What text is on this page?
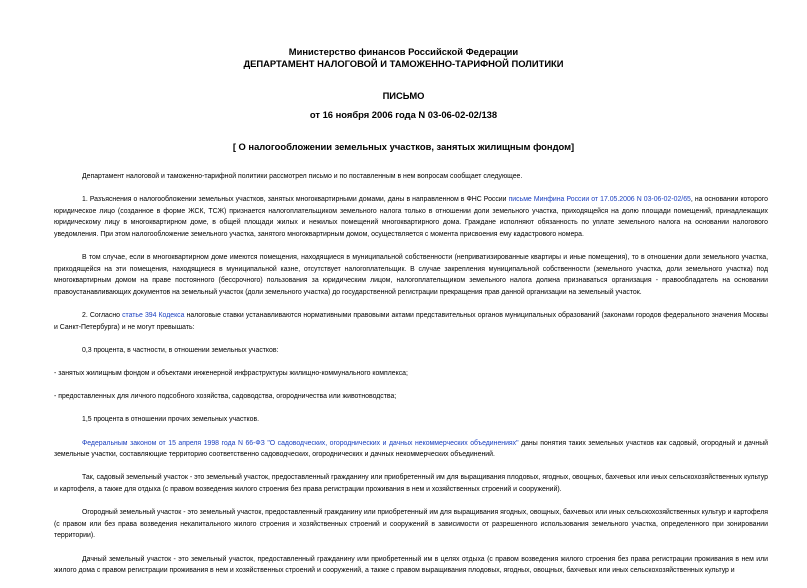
Министерство финансов Российской Федерации
ДЕПАРТАМЕНТ НАЛОГОВОЙ И ТАМОЖЕННО-ТАРИФНОЙ ПОЛИТИКИ
ПИСЬМО
от 16 ноября 2006 года N 03-06-02-02/138
[ О налогообложении земельных участков, занятых жилищным фондом]

Департамент налоговой и таможенно-тарифной политики рассмотрел письмо и по поставленным в нем вопросам сообщает следующее.

1. Разъяснения о налогообложении земельных участков, занятых многоквартирными домами, даны в направленном в ФНС России письме Минфина России от 17.05.2006 N 03-06-02-02/65, на основании которого юридическое лицо (созданное в форме ЖСК, ТСЖ) признается налогоплательщиком земельного налога только в отношении доли земельного участка, приходящейся на долю площади помещений, принадлежащих юридическому лицу в многоквартирном доме, в общей площади жилых и нежилых помещений многоквартирного дома. Граждане исполняют обязанность по уплате земельного налога на основании налогового уведомления. При этом налогообложение земельного участка, занятого многоквартирным домом, осуществляется с момента присвоения ему кадастрового номера.

В том случае, если в многоквартирном доме имеются помещения, находящиеся в муниципальной собственности (неприватизированные квартиры и иные помещения), то в отношении доли земельного участка, приходящейся на эти помещения, находящиеся в муниципальной казне, отсутствует налогоплательщик. В случае закрепления муниципальной собственности (земельного участка, доли земельного участка) под многоквартирным домом на праве постоянного (бессрочного) пользования за юридическим лицом, налогоплательщиком земельного налога должна признаваться организация - правообладатель на основании правоустанавливающих документов на земельный участок (доли земельного участка) до государственной регистрации прекращения прав данной организации на земельный участок.

2. Согласно статье 394 Кодекса налоговые ставки устанавливаются нормативными правовыми актами представительных органов муниципальных образований (законами городов федерального значения Москвы и Санкт-Петербурга) и не могут превышать:

0,3 процента, в частности, в отношении земельных участков:

- занятых жилищным фондом и объектами инженерной инфраструктуры жилищно-коммунального комплекса;

- предоставленных для личного подсобного хозяйства, садоводства, огородничества или животноводства;

1,5 процента в отношении прочих земельных участков.

Федеральным законом от 15 апреля 1998 года N 66-ФЗ "О садоводческих, огороднических и дачных некоммерческих объединениях" даны понятия таких земельных участков как садовый, огородный и дачный земельные участки, составляющие территорию соответственно садоводческих, огороднических и дачных некоммерческих объединений.

Так, садовый земельный участок - это земельный участок, предоставленный гражданину или приобретенный им для выращивания плодовых, ягодных, овощных, бахчевых или иных сельскохозяйственных культур и картофеля, а также для отдыха (с правом возведения жилого строения без права регистрации проживания в нем и хозяйственных строений и сооружений).

Огородный земельный участок - это земельный участок, предоставленный гражданину или приобретенный им для выращивания ягодных, овощных, бахчевых или иных сельскохозяйственных культур и картофеля (с правом или без права возведения некапитального жилого строения и хозяйственных строений и сооружений в зависимости от разрешенного использования земельного участка, определенного при зонировании территории).

Дачный земельный участок - это земельный участок, предоставленный гражданину или приобретенный им в целях отдыха (с правом возведения жилого строения без права регистрации проживания в нем или жилого дома с правом регистрации проживания в нем и хозяйственных строений и сооружений, а также с правом выращивания плодовых, ягодных, овощных, бахчевых или иных сельскохозяйственных культур и
